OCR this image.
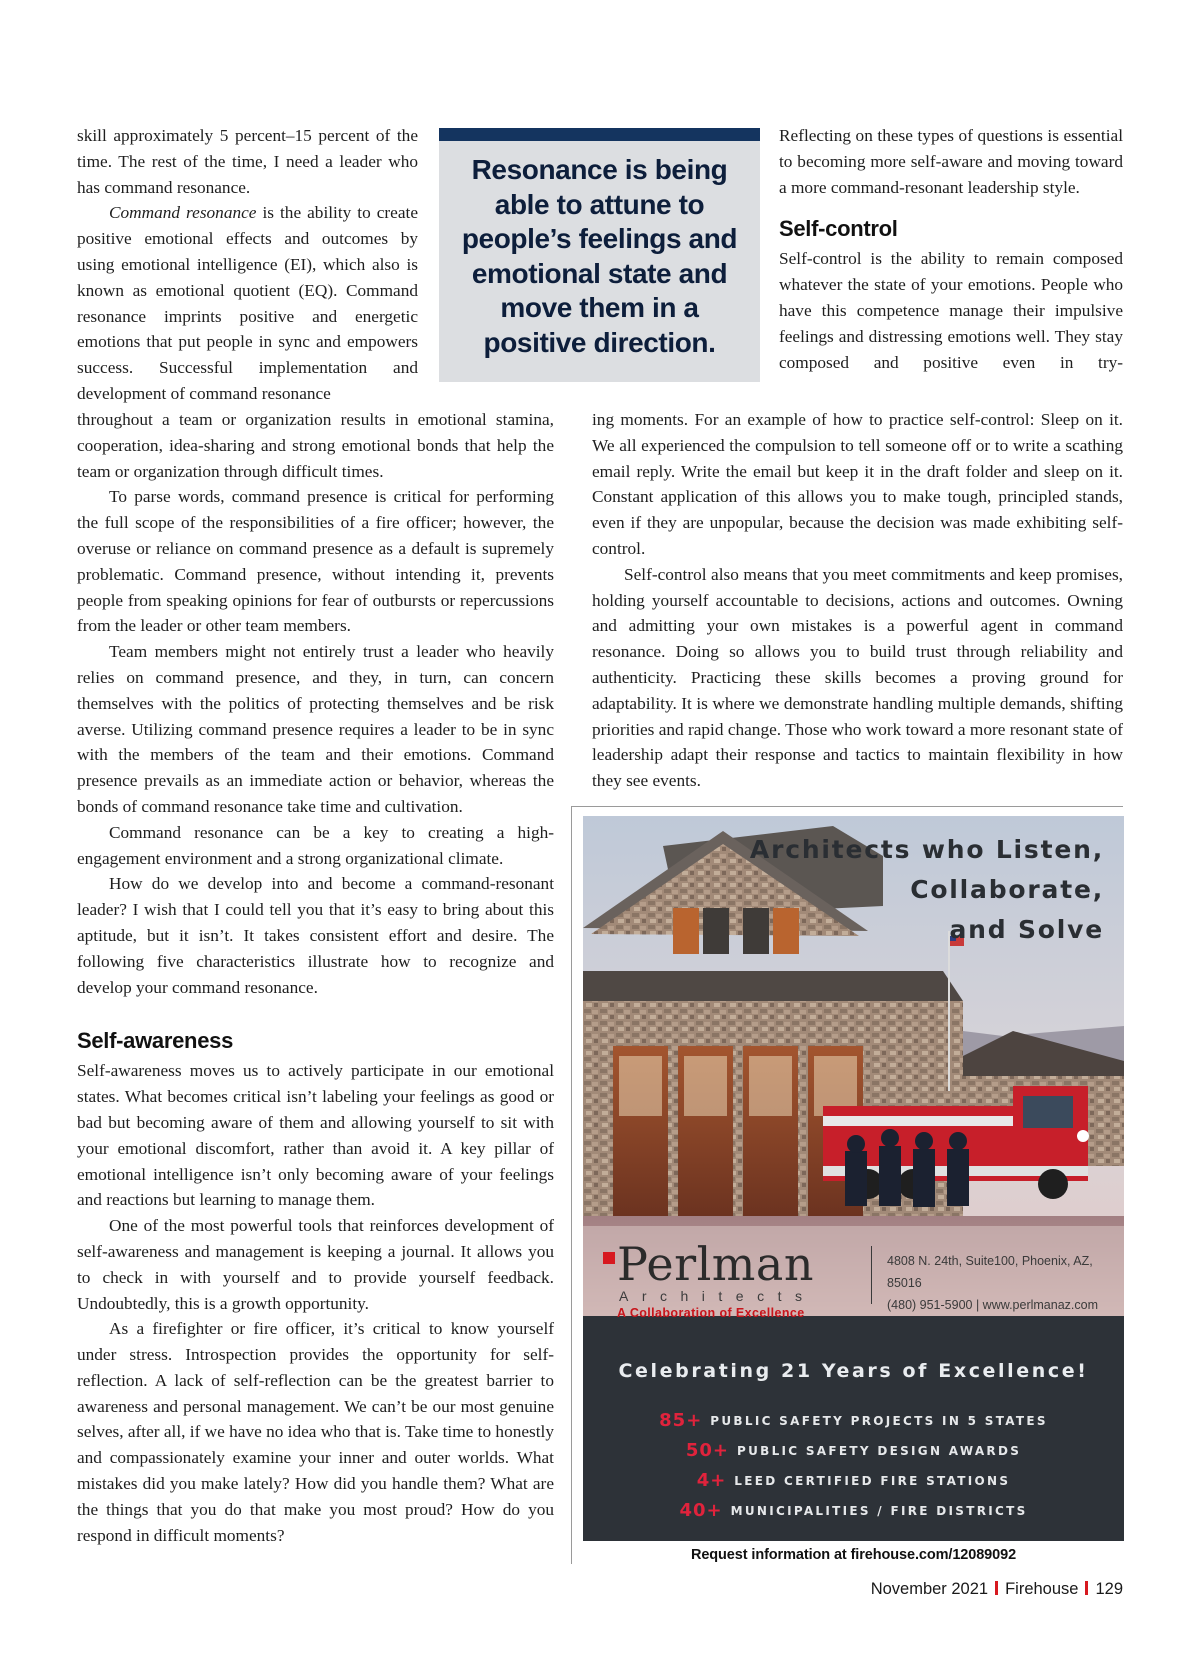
skill approximately 5 percent–15 percent of the time. The rest of the time, I need a leader who has command resonance.

Command resonance is the ability to create positive emotional effects and outcomes by using emotional intelligence (EI), which also is known as emotional quotient (EQ). Command resonance imprints positive and energetic emotions that put people in sync and empowers success. Successful implementation and development of command resonance

Resonance is being able to attune to people’s feelings and emotional state and move them in a positive direction.

Reflecting on these types of questions is essential to becoming more self-aware and moving toward a more command-resonant leadership style.

Self-control

Self-control is the ability to remain composed whatever the state of your emotions. People who have this competence manage their impulsive feelings and distressing emotions well. They stay composed and positive even in try-

throughout a team or organization results in emotional stamina, cooperation, idea-sharing and strong emotional bonds that help the team or organization through difficult times.

To parse words, command presence is critical for performing the full scope of the responsibilities of a fire officer; however, the overuse or reliance on command presence as a default is supremely problematic. Command presence, without intending it, prevents people from speaking opinions for fear of outbursts or repercussions from the leader or other team members.

Team members might not entirely trust a leader who heavily relies on command presence, and they, in turn, can concern themselves with the politics of protecting themselves and be risk averse. Utilizing command presence requires a leader to be in sync with the members of the team and their emotions. Command presence prevails as an immediate action or behavior, whereas the bonds of command resonance take time and cultivation.

Command resonance can be a key to creating a high-engagement environment and a strong organizational climate.

How do we develop into and become a command-resonant leader? I wish that I could tell you that it’s easy to bring about this aptitude, but it isn’t. It takes consistent effort and desire. The following five characteristics illustrate how to recognize and develop your command resonance.

Self-awareness

Self-awareness moves us to actively participate in our emotional states. What becomes critical isn’t labeling your feelings as good or bad but becoming aware of them and allowing yourself to sit with your emotional discomfort, rather than avoid it. A key pillar of emotional intelligence isn’t only becoming aware of your feelings and reactions but learning to manage them.

One of the most powerful tools that reinforces development of self-awareness and management is keeping a journal. It allows you to check in with yourself and to provide yourself feedback. Undoubtedly, this is a growth opportunity.

As a firefighter or fire officer, it’s critical to know yourself under stress. Introspection provides the opportunity for self-reflection. A lack of self-reflection can be the greatest barrier to awareness and personal management. We can’t be our most genuine selves, after all, if we have no idea who that is. Take time to honestly and compassionately examine your inner and outer worlds. What mistakes did you make lately? How did you handle them? What are the things that you do that make you most proud? How do you respond in difficult moments?

ing moments. For an example of how to practice self-control: Sleep on it. We all experienced the compulsion to tell someone off or to write a scathing email reply. Write the email but keep it in the draft folder and sleep on it. Constant application of this allows you to make tough, principled stands, even if they are unpopular, because the decision was made exhibiting self-control.

Self-control also means that you meet commitments and keep promises, holding yourself accountable to decisions, actions and outcomes. Owning and admitting your own mistakes is a powerful agent in command resonance. Doing so allows you to build trust through reliability and authenticity. Practicing these skills becomes a proving ground for adaptability. It is where we demonstrate handling multiple demands, shifting priorities and rapid change. Those who work toward a more resonant state of leadership adapt their response and tactics to maintain flexibility in how they see events.

Architects who Listen,
Collaborate,
and Solve
Perlman
Architects
A Collaboration of Excellence
4808 N. 24th, Suite100, Phoenix, AZ, 85016
(480) 951-5900 | www.perlmanaz.com
Celebrating 21 Years of Excellence!
85+ PUBLIC SAFETY PROJECTS IN 5 STATES
50+ PUBLIC SAFETY DESIGN AWARDS
4+ LEED CERTIFIED FIRE STATIONS
40+ MUNICIPALITIES / FIRE DISTRICTS
Request information at firehouse.com/12089092
November 2021 Firehouse 129
